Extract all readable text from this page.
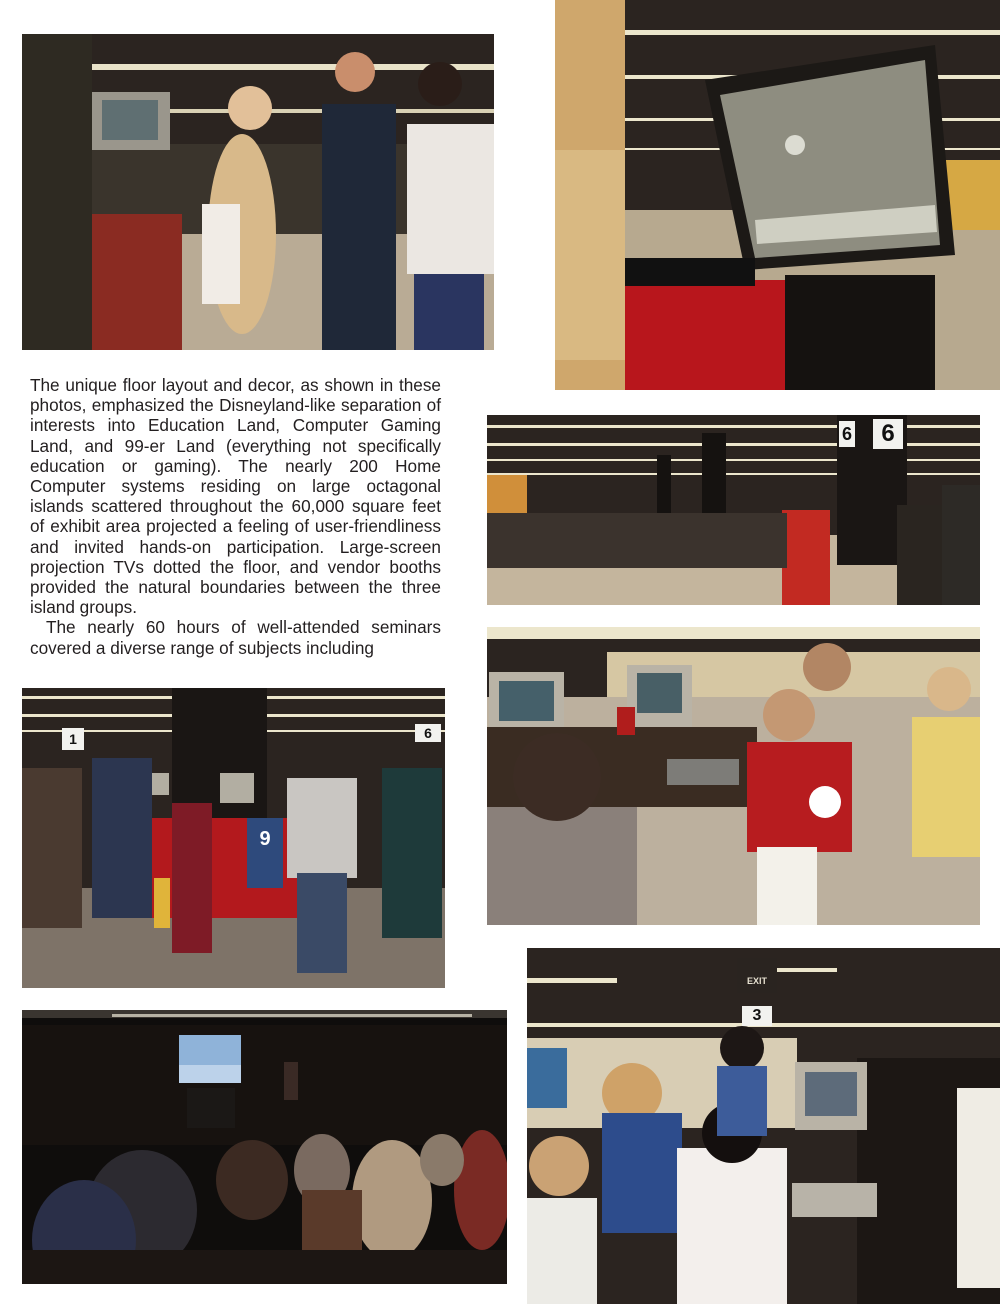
The unique floor layout and decor, as shown in these photos, emphasized the Disneyland-like separation of interests into Education Land, Computer Gaming Land, and 99-er Land (everything not specifically education or gaming). The nearly 200 Home Computer systems residing on large octagonal islands scattered throughout the 60,000 square feet of exhibit area projected a feeling of user-friendliness and invited hands-on participation. Large-screen projection TVs dotted the floor, and vendor booths provided the natural boundaries between the three island groups.

The nearly 60 hours of well-attended seminars covered a diverse range of subjects including

6	6
1	6
9
EXIT
3
